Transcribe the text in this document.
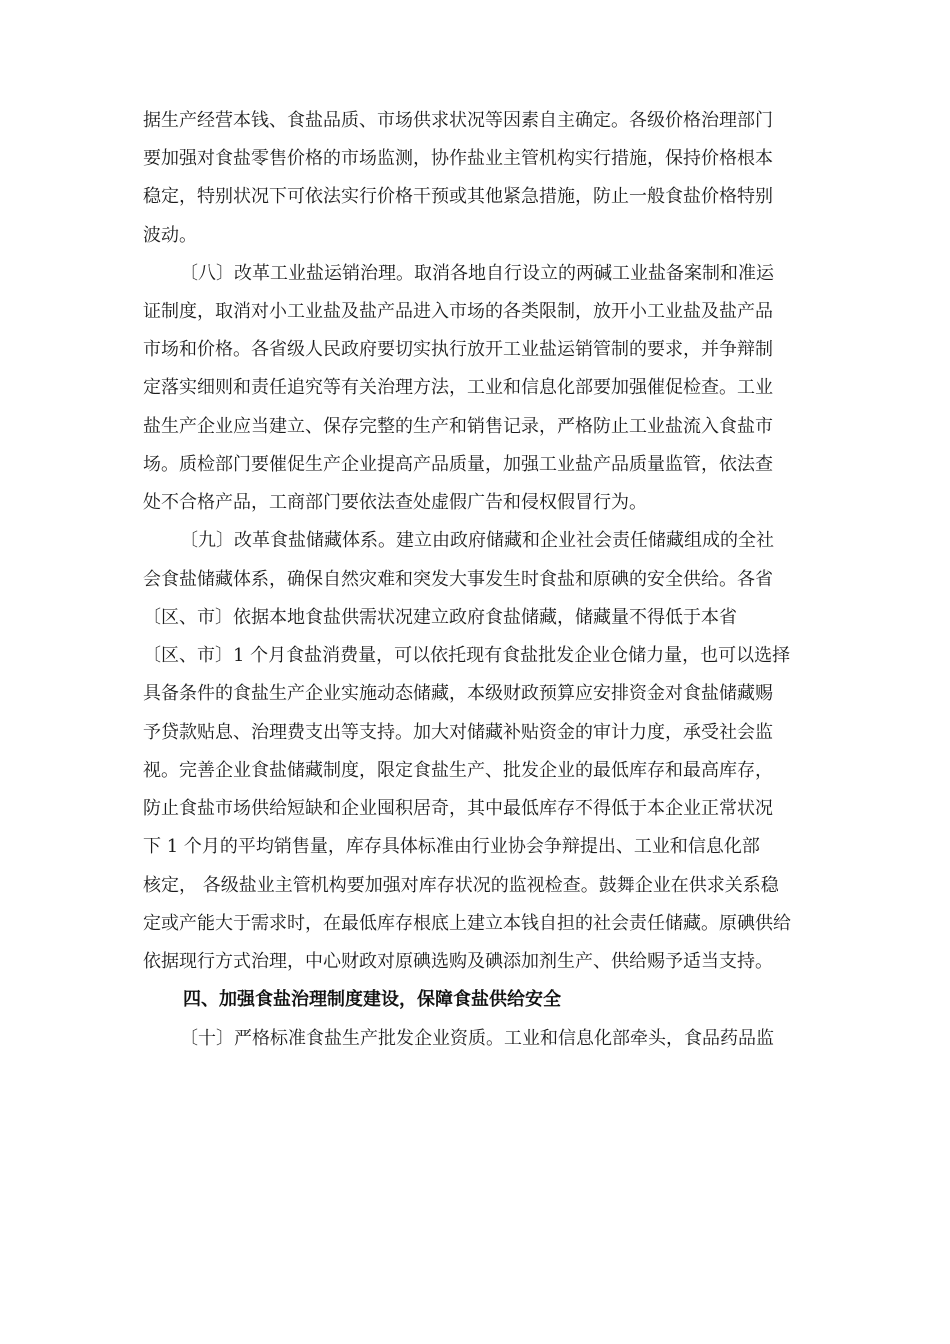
据生产经营本钱、食盐品质、市场供求状况等因素自主确定。各级价格治理部门
要加强对食盐零售价格的市场监测，协作盐业主管机构实行措施，保持价格根本
稳定，特别状况下可依法实行价格干预或其他紧急措施，防止一般食盐价格特别
波动。
〔八〕改革工业盐运销治理。取消各地自行设立的两碱工业盐备案制和准运
证制度，取消对小工业盐及盐产品进入市场的各类限制，放开小工业盐及盐产品
市场和价格。各省级人民政府要切实执行放开工业盐运销管制的要求，并争辩制
定落实细则和责任追究等有关治理方法，工业和信息化部要加强催促检查。工业
盐生产企业应当建立、保存完整的生产和销售记录，严格防止工业盐流入食盐市
场。质检部门要催促生产企业提高产品质量，加强工业盐产品质量监管，依法查
处不合格产品，工商部门要依法查处虚假广告和侵权假冒行为。
〔九〕改革食盐储藏体系。建立由政府储藏和企业社会责任储藏组成的全社
会食盐储藏体系，确保自然灾难和突发大事发生时食盐和原碘的安全供给。各省
〔区、市〕依据本地食盐供需状况建立政府食盐储藏，储藏量不得低于本省
〔区、市〕1 个月食盐消费量，可以依托现有食盐批发企业仓储力量，也可以选择
具备条件的食盐生产企业实施动态储藏，本级财政预算应安排资金对食盐储藏赐
予贷款贴息、治理费支出等支持。加大对储藏补贴资金的审计力度，承受社会监
视。完善企业食盐储藏制度，限定食盐生产、批发企业的最低库存和最高库存，
防止食盐市场供给短缺和企业囤积居奇，其中最低库存不得低于本企业正常状况
下 1 个月的平均销售量，库存具体标准由行业协会争辩提出、工业和信息化部
核定， 各级盐业主管机构要加强对库存状况的监视检查。鼓舞企业在供求关系稳
定或产能大于需求时，在最低库存根底上建立本钱自担的社会责任储藏。原碘供给
依据现行方式治理，中心财政对原碘选购及碘添加剂生产、供给赐予适当支持。
四、加强食盐治理制度建设，保障食盐供给安全
〔十〕严格标准食盐生产批发企业资质。工业和信息化部牵头，食品药品监
